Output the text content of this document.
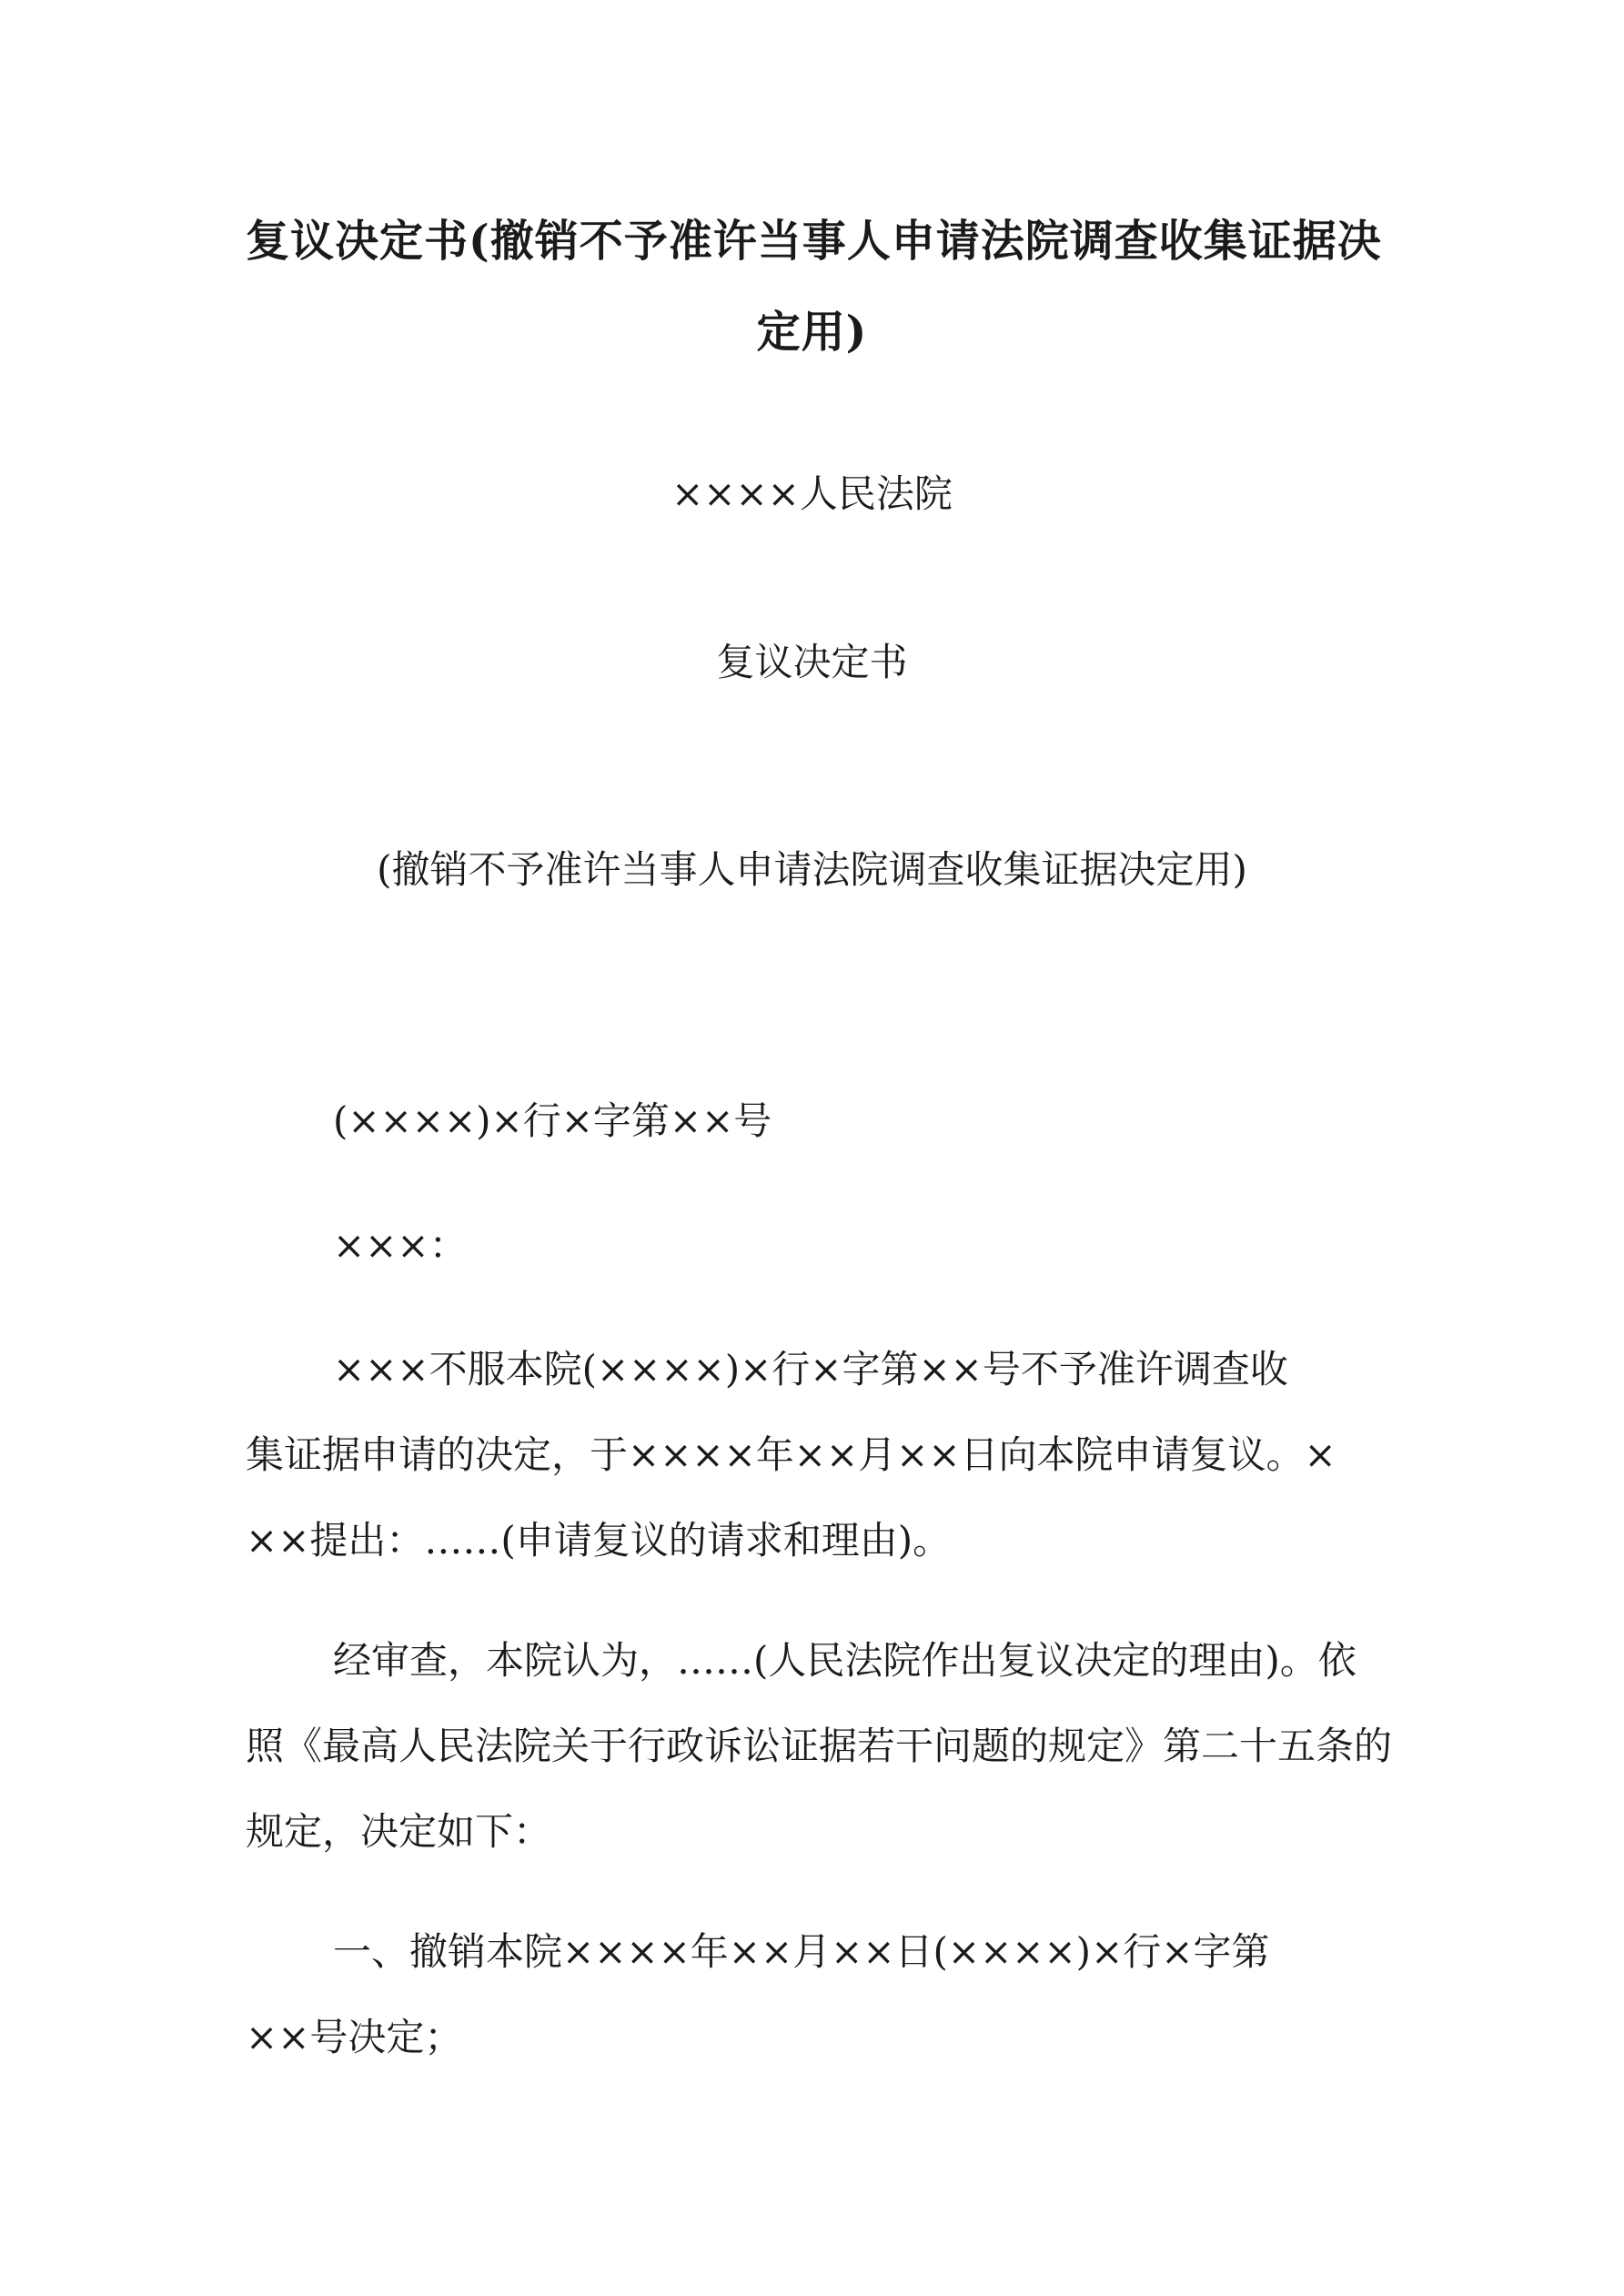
复议决定书(撤销不予准许当事人申请法院调查收集证据决
定用)
××××人民法院
复议决定书
(撤销不予准许当事人申请法院调查收集证据决定用)
(××××)×行×字第××号
×××：
×××不服本院(××××)×行×字第××号不予准许调查收
集证据申请的决定，于××××年××月××日向本院申请复议。×
××提出：……(申请复议的请求和理由)。
经审查，本院认为，……(人民法院作出复议决定的理由)。依
照《最高人民法院关于行政诉讼证据若干问题的规定》第二十五条的
规定，决定如下：
一、撤销本院××××年××月××日(××××)×行×字第
××号决定；
